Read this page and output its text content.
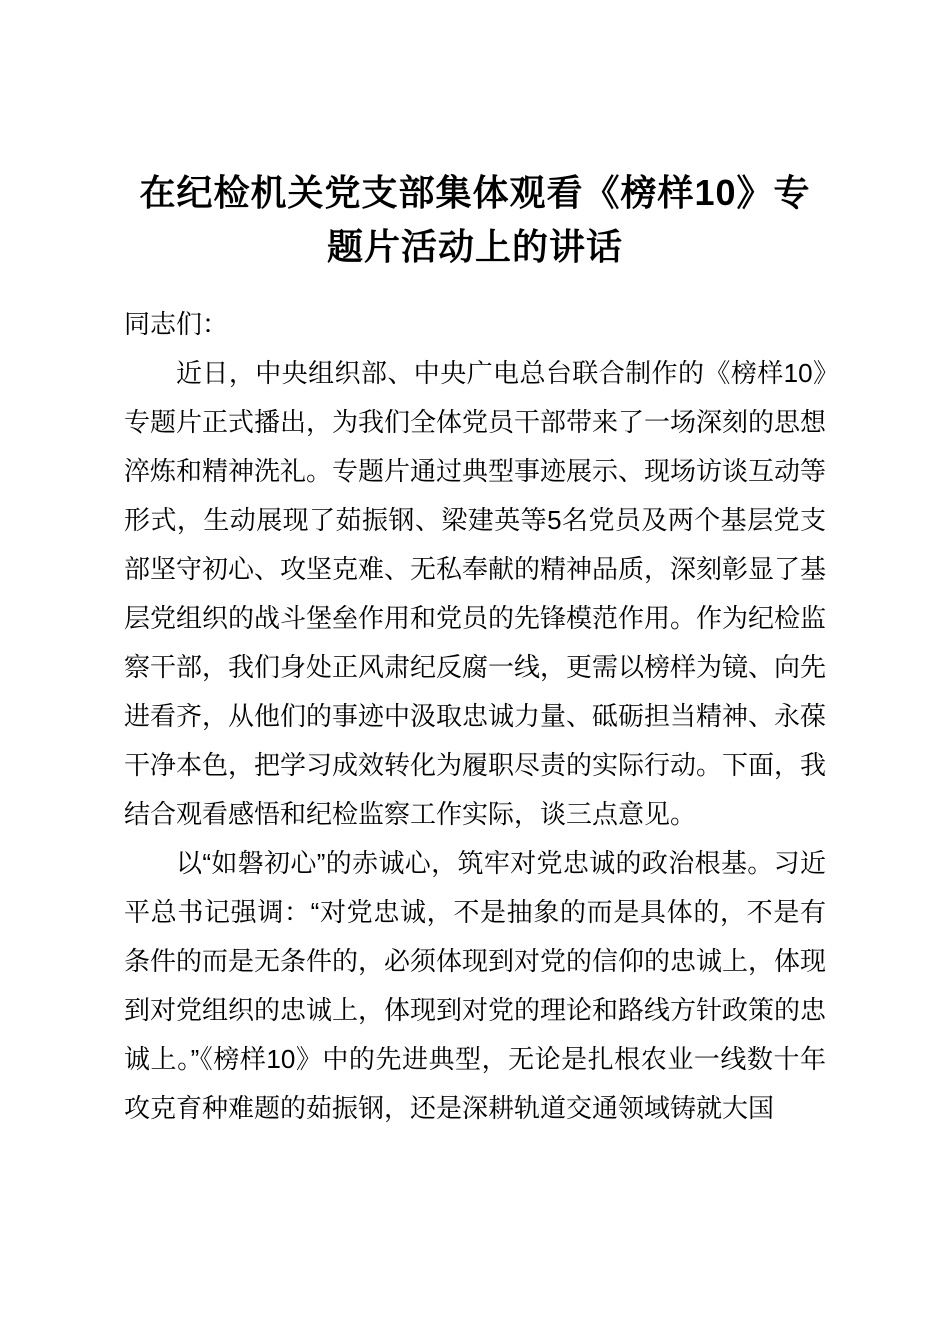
在纪检机关党支部集体观看《榜样10》专题片活动上的讲话

同志们：

近日，中央组织部、中央广电总台联合制作的《榜样10》专题片正式播出，为我们全体党员干部带来了一场深刻的思想淬炼和精神洗礼。专题片通过典型事迹展示、现场访谈互动等形式，生动展现了茹振钢、梁建英等5名党员及两个基层党支部坚守初心、攻坚克难、无私奉献的精神品质，深刻彰显了基层党组织的战斗堡垒作用和党员的先锋模范作用。作为纪检监察干部，我们身处正风肃纪反腐一线，更需以榜样为镜、向先进看齐，从他们的事迹中汲取忠诚力量、砥砺担当精神、永葆干净本色，把学习成效转化为履职尽责的实际行动。下面，我结合观看感悟和纪检监察工作实际，谈三点意见。

以“如磐初心”的赤诚心，筑牢对党忠诚的政治根基。习近平总书记强调：“对党忠诚，不是抽象的而是具体的，不是有条件的而是无条件的，必须体现到对党的信仰的忠诚上，体现到对党组织的忠诚上，体现到对党的理论和路线方针政策的忠诚上。”《榜样10》中的先进典型，无论是扎根农业一线数十年攻克育种难题的茹振钢，还是深耕轨道交通领域铸就大国
